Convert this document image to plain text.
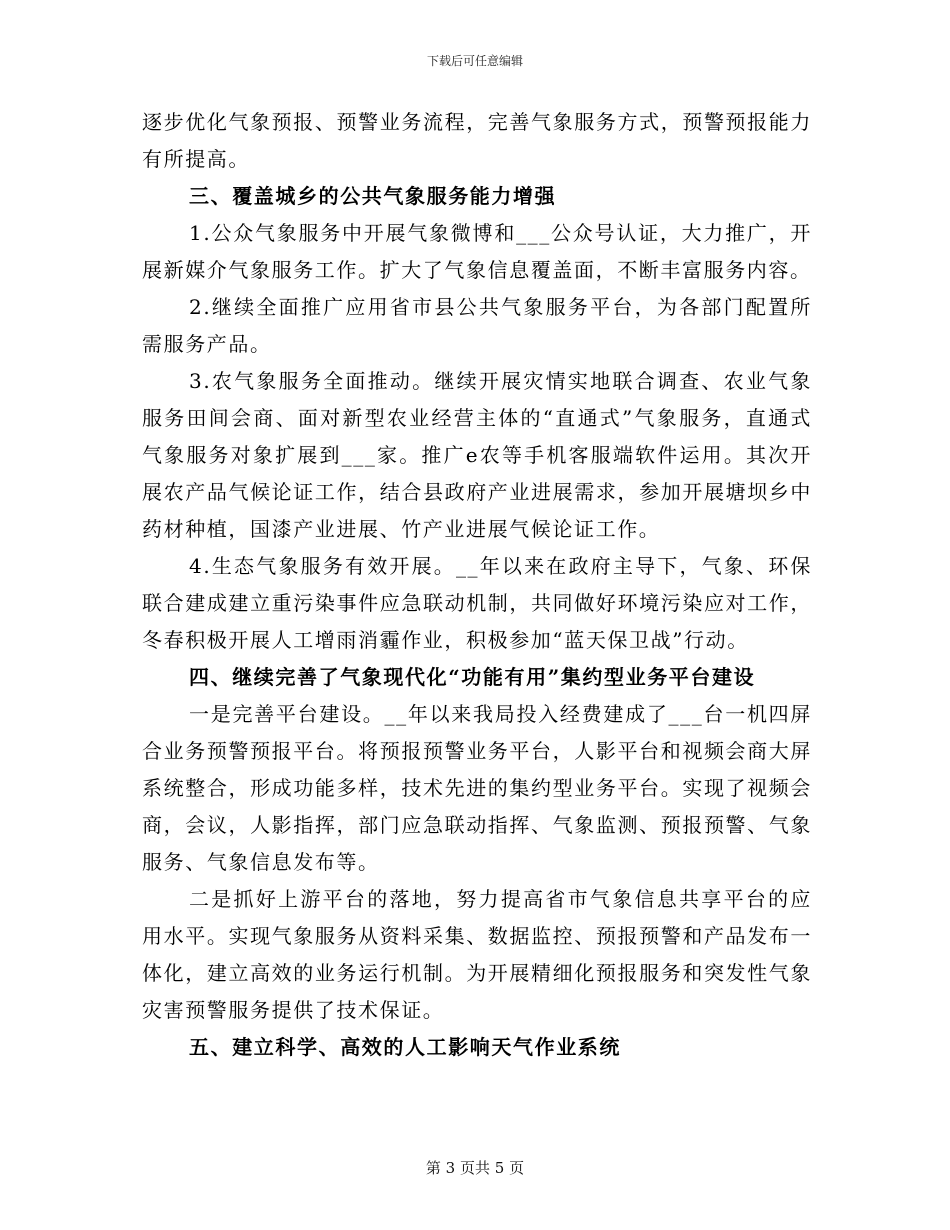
下载后可任意编辑

逐步优化气象预报、预警业务流程，完善气象服务方式，预警预报能力有所提高。

三、覆盖城乡的公共气象服务能力增强

1.公众气象服务中开展气象微博和___公众号认证，大力推广，开展新媒介气象服务工作。扩大了气象信息覆盖面，不断丰富服务内容。

2.继续全面推广应用省市县公共气象服务平台，为各部门配置所需服务产品。

3.农气象服务全面推动。继续开展灾情实地联合调查、农业气象服务田间会商、面对新型农业经营主体的“直通式”气象服务，直通式气象服务对象扩展到___家。推广e农等手机客服端软件运用。其次开展农产品气候论证工作，结合县政府产业进展需求，参加开展塘坝乡中药材种植，国漆产业进展、竹产业进展气候论证工作。

4.生态气象服务有效开展。__年以来在政府主导下，气象、环保联合建成建立重污染事件应急联动机制，共同做好环境污染应对工作，冬春积极开展人工增雨消霾作业，积极参加“蓝天保卫战”行动。

四、继续完善了气象现代化“功能有用”集约型业务平台建设

一是完善平台建设。__年以来我局投入经费建成了___台一机四屏合业务预警预报平台。将预报预警业务平台，人影平台和视频会商大屏系统整合，形成功能多样，技术先进的集约型业务平台。实现了视频会商，会议，人影指挥，部门应急联动指挥、气象监测、预报预警、气象服务、气象信息发布等。

二是抓好上游平台的落地，努力提高省市气象信息共享平台的应用水平。实现气象服务从资料采集、数据监控、预报预警和产品发布一体化，建立高效的业务运行机制。为开展精细化预报服务和突发性气象灾害预警服务提供了技术保证。

五、建立科学、高效的人工影响天气作业系统

第 3 页共 5 页
